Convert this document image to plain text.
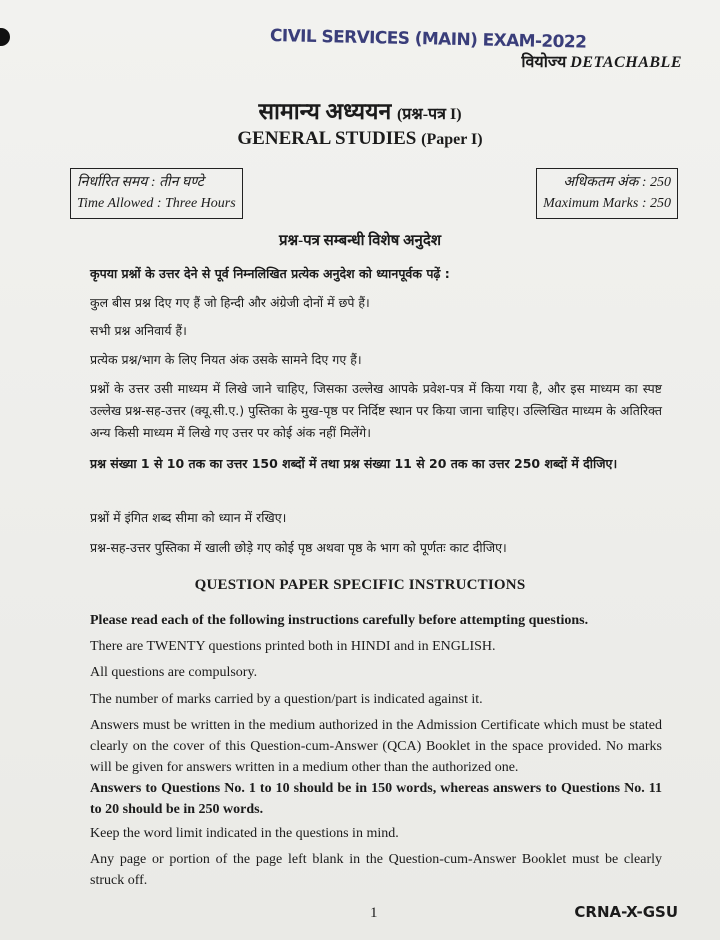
CIVIL SERVICES (MAIN) EXAM-2022
वियोज्य DETACHABLE
सामान्य अध्ययन (प्रश्न-पत्र I)
GENERAL STUDIES (Paper I)
निर्धारित समय : तीन घण्टे
Time Allowed : Three Hours
अधिकतम अंक : 250
Maximum Marks : 250
प्रश्न-पत्र सम्बन्धी विशेष अनुदेश
कृपया प्रश्नों के उत्तर देने से पूर्व निम्नलिखित प्रत्येक अनुदेश को ध्यानपूर्वक पढ़ें :
कुल बीस प्रश्न दिए गए हैं जो हिन्दी और अंग्रेजी दोनों में छपे हैं।
सभी प्रश्न अनिवार्य हैं।
प्रत्येक प्रश्न/भाग के लिए नियत अंक उसके सामने दिए गए हैं।
प्रश्नों के उत्तर उसी माध्यम में लिखे जाने चाहिए, जिसका उल्लेख आपके प्रवेश-पत्र में किया गया है, और इस माध्यम का स्पष्ट उल्लेख प्रश्न-सह-उत्तर (क्यू.सी.ए.) पुस्तिका के मुख-पृष्ठ पर निर्दिष्ट स्थान पर किया जाना चाहिए। उल्लिखित माध्यम के अतिरिक्त अन्य किसी माध्यम में लिखे गए उत्तर पर कोई अंक नहीं मिलेंगे।
प्रश्न संख्या 1 से 10 तक का उत्तर 150 शब्दों में तथा प्रश्न संख्या 11 से 20 तक का उत्तर 250 शब्दों में दीजिए।
प्रश्नों में इंगित शब्द सीमा को ध्यान में रखिए।
प्रश्न-सह-उत्तर पुस्तिका में खाली छोड़े गए कोई पृष्ठ अथवा पृष्ठ के भाग को पूर्णतः काट दीजिए।
QUESTION PAPER SPECIFIC INSTRUCTIONS
Please read each of the following instructions carefully before attempting questions.
There are TWENTY questions printed both in HINDI and in ENGLISH.
All questions are compulsory.
The number of marks carried by a question/part is indicated against it.
Answers must be written in the medium authorized in the Admission Certificate which must be stated clearly on the cover of this Question-cum-Answer (QCA) Booklet in the space provided. No marks will be given for answers written in a medium other than the authorized one.
Answers to Questions No. 1 to 10 should be in 150 words, whereas answers to Questions No. 11 to 20 should be in 250 words.
Keep the word limit indicated in the questions in mind.
Any page or portion of the page left blank in the Question-cum-Answer Booklet must be clearly struck off.
1	CRNA-X-GSU
